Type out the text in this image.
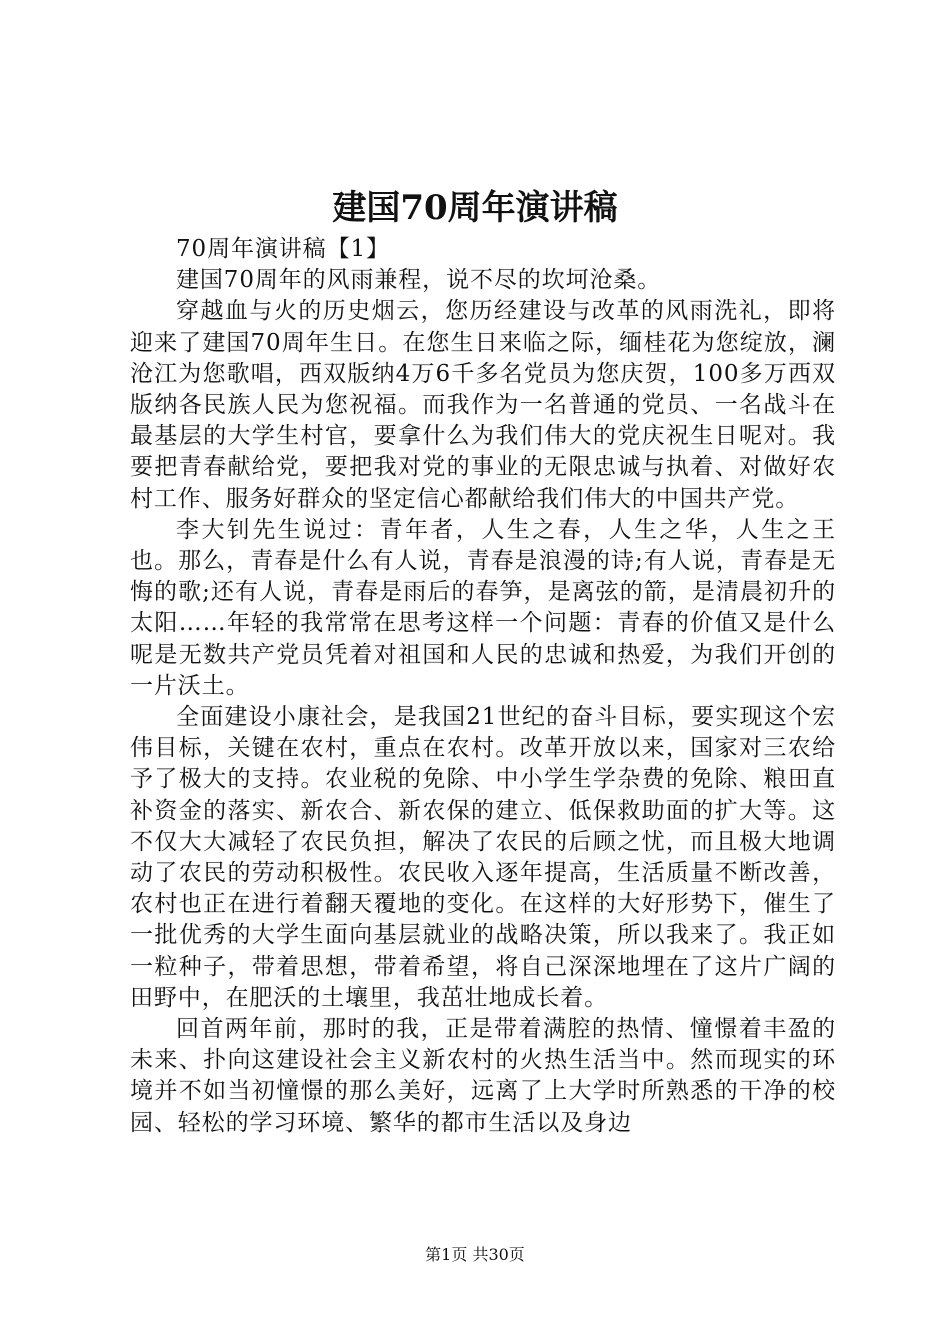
建国70周年演讲稿

70周年演讲稿【1】

建国70周年的风雨兼程，说不尽的坎坷沧桑。

穿越血与火的历史烟云，您历经建设与改革的风雨洗礼，即将迎来了建国70周年生日。在您生日来临之际，缅桂花为您绽放，澜沧江为您歌唱，西双版纳4万6千多名党员为您庆贺，100多万西双版纳各民族人民为您祝福。而我作为一名普通的党员、一名战斗在最基层的大学生村官，要拿什么为我们伟大的党庆祝生日呢对。我要把青春献给党，要把我对党的事业的无限忠诚与执着、对做好农村工作、服务好群众的坚定信心都献给我们伟大的中国共产党。

李大钊先生说过：青年者，人生之春，人生之华，人生之王也。那么，青春是什么有人说，青春是浪漫的诗;有人说，青春是无悔的歌;还有人说，青春是雨后的春笋，是离弦的箭，是清晨初升的太阳……年轻的我常常在思考这样一个问题：青春的价值又是什么呢是无数共产党员凭着对祖国和人民的忠诚和热爱，为我们开创的一片沃土。

全面建设小康社会，是我国21世纪的奋斗目标，要实现这个宏伟目标，关键在农村，重点在农村。改革开放以来，国家对三农给予了极大的支持。农业税的免除、中小学生学杂费的免除、粮田直补资金的落实、新农合、新农保的建立、低保救助面的扩大等。这不仅大大减轻了农民负担，解决了农民的后顾之忧，而且极大地调动了农民的劳动积极性。农民收入逐年提高，生活质量不断改善，农村也正在进行着翻天覆地的变化。在这样的大好形势下，催生了一批优秀的大学生面向基层就业的战略决策，所以我来了。我正如一粒种子，带着思想，带着希望，将自己深深地埋在了这片广阔的田野中，在肥沃的土壤里，我茁壮地成长着。

回首两年前，那时的我，正是带着满腔的热情、憧憬着丰盈的未来、扑向这建设社会主义新农村的火热生活当中。然而现实的环境并不如当初憧憬的那么美好，远离了上大学时所熟悉的干净的校园、轻松的学习环境、繁华的都市生活以及身边

第1页 共30页
